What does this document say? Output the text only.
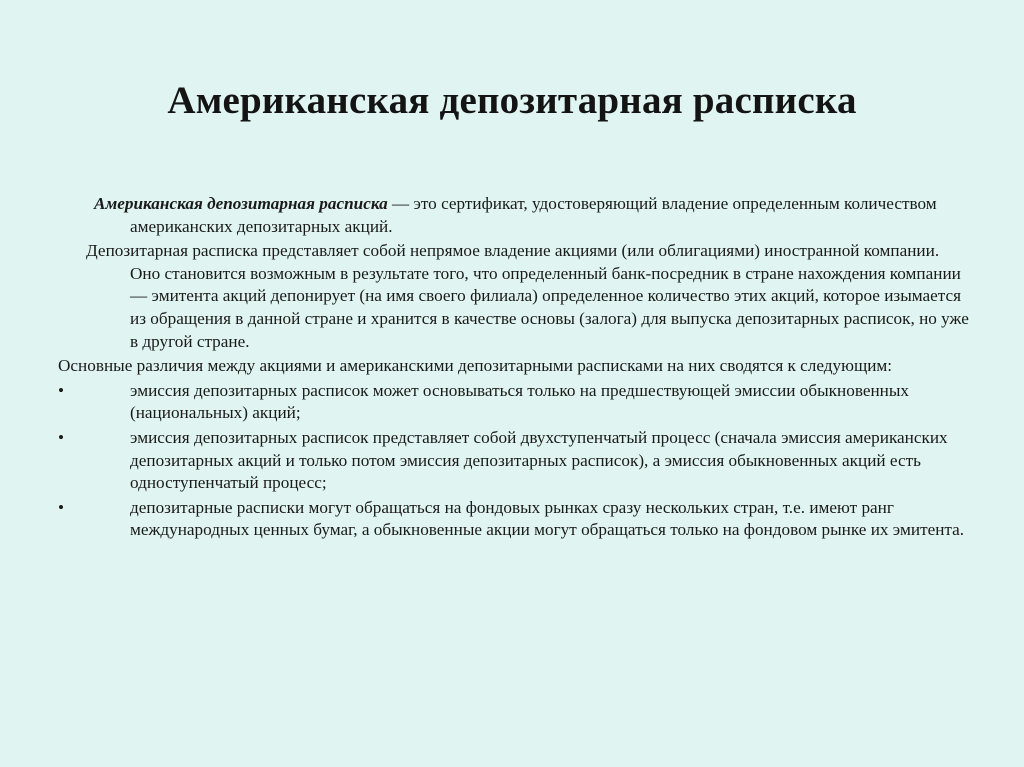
Американская депозитарная расписка

Американская депозитарная расписка — это сертификат, удостоверяющий владение определенным количеством американских депозитарных акций.

Депозитарная расписка представляет собой непрямое владение акциями (или облигациями) иностранной компании. Оно становится возможным в результате того, что определенный банк-посредник в стране нахождения компании — эмитента акций депонирует (на имя своего филиала) определенное количество этих акций, которое изымается из обращения в данной стране и хранится в качестве основы (залога) для выпуска депозитарных расписок, но уже в другой стране.

Основные различия между акциями и американскими депозитарными расписками на них сводятся к следующим:

•	эмиссия депозитарных расписок может основываться только на предшествующей эмиссии обыкновенных (национальных) акций;
•	эмиссия депозитарных расписок представляет собой двухступенчатый процесс (сначала эмиссия американских депозитарных акций и только потом эмиссия депозитарных расписок), а эмиссия обыкновенных акций есть одноступенчатый процесс;
•	депозитарные расписки могут обращаться на фондовых рынках сразу нескольких стран, т.е. имеют ранг международных ценных бумаг, а обыкновенные акции могут обращаться только на фондовом рынке их эмитента.
